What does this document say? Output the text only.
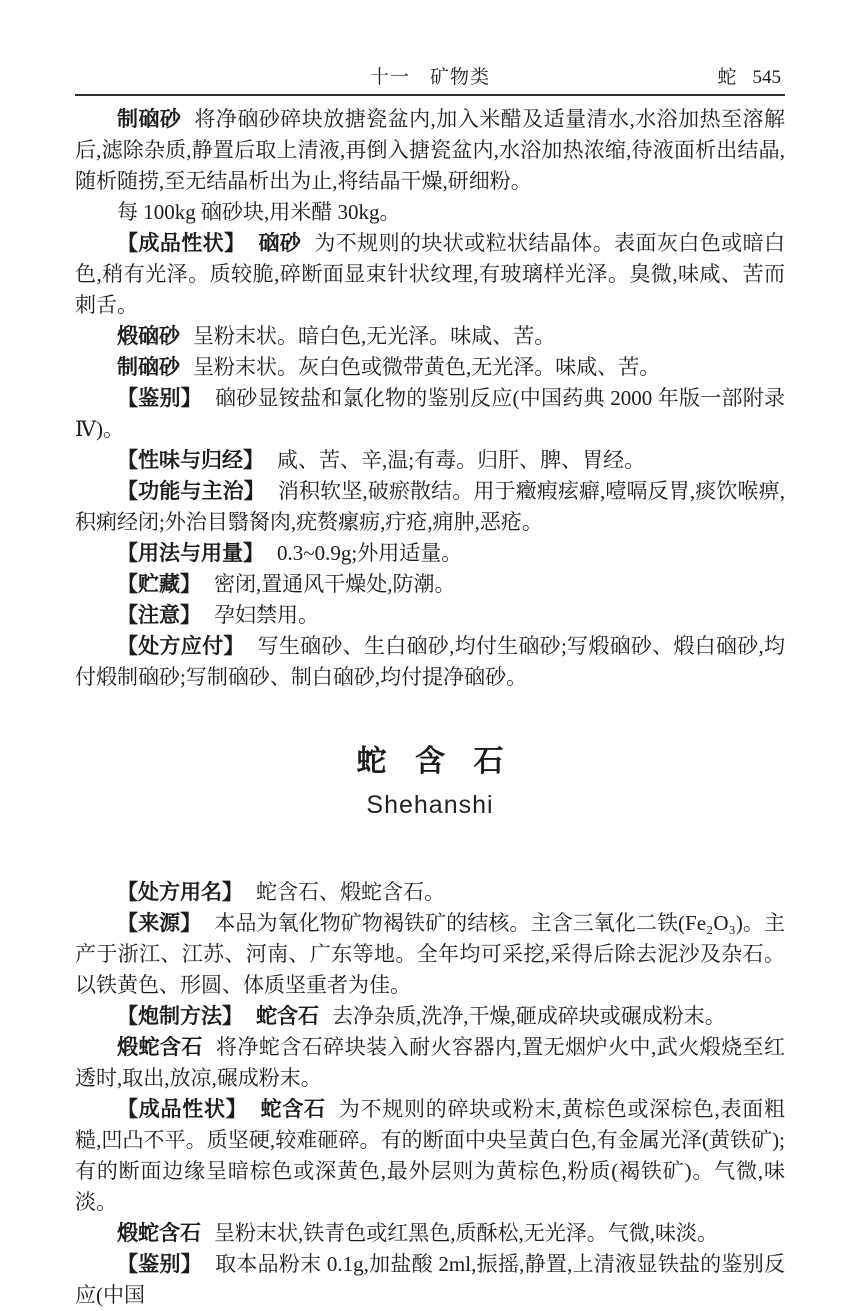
十一　矿物类	蛇 545

制硇砂 将净硇砂碎块放搪瓷盆内,加入米醋及适量清水,水浴加热至溶解后,滤除杂质,静置后取上清液,再倒入搪瓷盆内,水浴加热浓缩,待液面析出结晶,随析随捞,至无结晶析出为止,将结晶干燥,研细粉。

每 100kg 硇砂块,用米醋 30kg。

【成品性状】 硇砂 为不规则的块状或粒状结晶体。表面灰白色或暗白色,稍有光泽。质较脆,碎断面显束针状纹理,有玻璃样光泽。臭微,味咸、苦而刺舌。

煅硇砂 呈粉末状。暗白色,无光泽。味咸、苦。

制硇砂 呈粉末状。灰白色或微带黄色,无光泽。味咸、苦。

【鉴别】 硇砂显铵盐和氯化物的鉴别反应(中国药典 2000 年版一部附录Ⅳ)。

【性味与归经】 咸、苦、辛,温;有毒。归肝、脾、胃经。

【功能与主治】 消积软坚,破瘀散结。用于癥瘕痃癖,噎嗝反胃,痰饮喉痹,积痢经闭;外治目翳胬肉,疣赘瘰疬,疔疮,痈肿,恶疮。

【用法与用量】 0.3~0.9g;外用适量。

【贮藏】 密闭,置通风干燥处,防潮。

【注意】 孕妇禁用。

【处方应付】 写生硇砂、生白硇砂,均付生硇砂;写煅硇砂、煅白硇砂,均付煅制硇砂;写制硇砂、制白硇砂,均付提净硇砂。

蛇含石
Shehanshi

【处方用名】 蛇含石、煅蛇含石。

【来源】 本品为氧化物矿物褐铁矿的结核。主含三氧化二铁(Fe₂O₃)。主产于浙江、江苏、河南、广东等地。全年均可采挖,采得后除去泥沙及杂石。以铁黄色、形圆、体质坚重者为佳。

【炮制方法】 蛇含石 去净杂质,洗净,干燥,砸成碎块或碾成粉末。

煅蛇含石 将净蛇含石碎块装入耐火容器内,置无烟炉火中,武火煅烧至红透时,取出,放凉,碾成粉末。

【成品性状】 蛇含石 为不规则的碎块或粉末,黄棕色或深棕色,表面粗糙,凹凸不平。质坚硬,较难砸碎。有的断面中央呈黄白色,有金属光泽(黄铁矿);有的断面边缘呈暗棕色或深黄色,最外层则为黄棕色,粉质(褐铁矿)。气微,味淡。

煅蛇含石 呈粉末状,铁青色或红黑色,质酥松,无光泽。气微,味淡。

【鉴别】 取本品粉末 0.1g,加盐酸 2ml,振摇,静置,上清液显铁盐的鉴别反应(中国
